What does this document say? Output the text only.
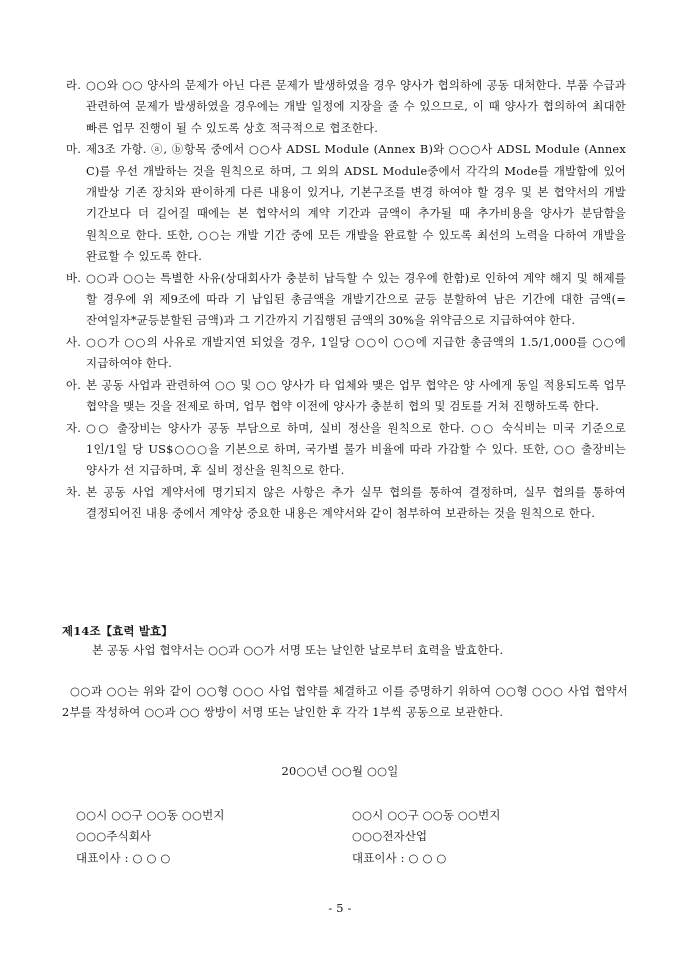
라. ○○와 ○○ 양사의 문제가 아닌 다른 문제가 발생하였을 경우 양사가 협의하에 공동 대처한다. 부품 수급과 관련하여 문제가 발생하였을 경우에는 개발 일정에 지장을 줄 수 있으므로, 이 때 양사가 협의하여 최대한 빠른 업무 진행이 될 수 있도록 상호 적극적으로 협조한다.
마. 제3조 가항. ⓐ, ⓑ항목 중에서 ○○사 ADSL Module (Annex B)와 ○○○사 ADSL Module (Annex C)를 우선 개발하는 것을 원칙으로 하며, 그 외의 ADSL Module중에서 각각의 Mode를 개발함에 있어 개발상 기존 장치와 판이하게 다른 내용이 있거나, 기본구조를 변경 하여야 할 경우 및 본 협약서의 개발 기간보다 더 길어질 때에는 본 협약서의 계약 기간과 금액이 추가될 때 추가비용을 양사가 분담함을 원칙으로 한다. 또한, ○○는 개발 기간 중에 모든 개발을 완료할 수 있도록 최선의 노력을 다하여 개발을 완료할 수 있도록 한다.
바. ○○과 ○○는 특별한 사유(상대회사가 충분히 납득할 수 있는 경우에 한함)로 인하여 계약 해지 및 해제를 할 경우에 위 제9조에 따라 기 납입된 총금액을 개발기간으로 균등 분할하여 남은 기간에 대한 금액(=잔여일자*균등분할된 금액)과 그 기간까지 기집행된 금액의 30%을 위약금으로 지급하여야 한다.
사. ○○가 ○○의 사유로 개발지연 되었을 경우, 1일당 ○○이 ○○에 지급한 총금액의 1.5/1,000를 ○○에 지급하여야 한다.
아. 본 공동 사업과 관련하여 ○○ 및 ○○ 양사가 타 업체와 맺은 업무 협약은 양 사에게 동일 적용되도록 업무 협약을 맺는 것을 전제로 하며, 업무 협약 이전에 양사가 충분히 협의 및 검토를 거쳐 진행하도록 한다.
자. ○○ 출장비는 양사가 공동 부담으로 하며, 실비 정산을 원칙으로 한다. ○○ 숙식비는 미국 기준으로 1인/1일 당 US$○○○을 기본으로 하며, 국가별 물가 비율에 따라 가감할 수 있다. 또한, ○○ 출장비는 양사가 선 지급하며, 후 실비 정산을 원칙으로 한다.
차. 본 공동 사업 계약서에 명기되지 않은 사항은 추가 실무 협의를 통하여 결정하며, 실무 협의를 통하여 결정되어진 내용 중에서 계약상 중요한 내용은 계약서와 같이 첨부하여 보관하는 것을 원칙으로 한다.
제14조【효력 발효】
본 공동 사업 협약서는 ○○과 ○○가 서명 또는 날인한 날로부터 효력을 발효한다.
○○과 ○○는 위와 같이 ○○형 ○○○ 사업 협약를 체결하고 이를 증명하기 위하여 ○○형 ○○○ 사업 협약서 2부를 작성하여 ○○과 ○○ 쌍방이 서명 또는 날인한 후 각각 1부씩 공동으로 보관한다.
20○○년 ○○월 ○○일
○○시 ○○구 ○○동 ○○번지
○○○주식회사
대표이사 : ○ ○ ○
○○시 ○○구 ○○동 ○○번지
○○○전자산업
대표이사 : ○ ○ ○
- 5 -
